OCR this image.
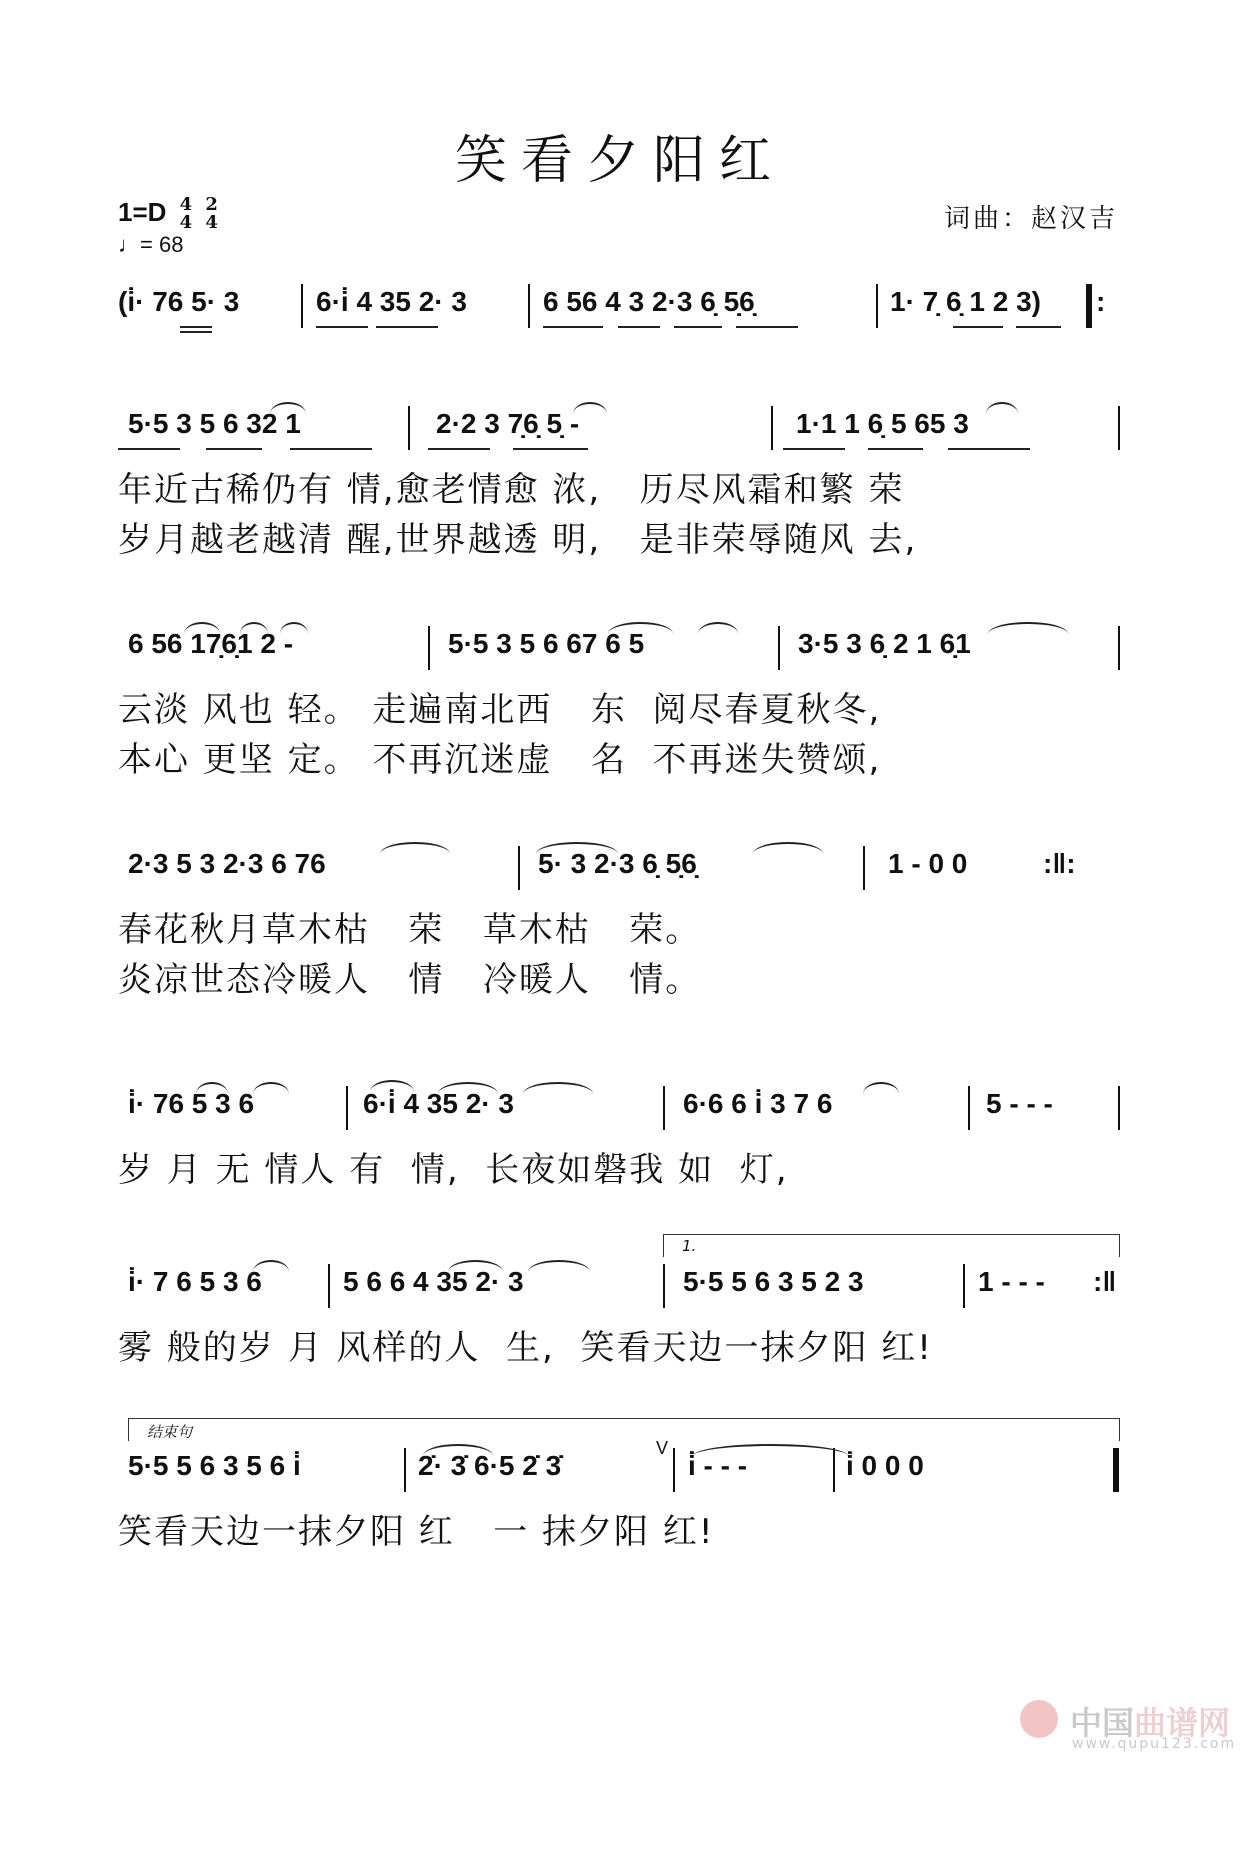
笑看夕阳红
1=D 4
4

2
4
♩= 68
词曲：赵汉吉

(i̇· 76 5· 3

	6·i̇ 4 35 2· 3

	6 56 4 3 2·3 6̣ 5̣6̣

	1· 7̣ 6̣ 1 2 3)

:

5·5 3 5 6 32 1

	2·2 3 7̣6̣ 5̣ -

	1·1 1 6̣ 5 65 3

年近古稀仍有 情,愈老情愈 浓,   历尽风霜和繁 荣
岁月越老越清 醒,世界越透 明,   是非荣辱随风 去,

6 56 17̣6̣1 2 -

	5·5 3 5 6 67 6 5

	3·5 3 6̣ 2 1 6̣1

云淡 风也 轻。 走遍南北西   东  阅尽春夏秋冬,
本心 更坚 定。 不再沉迷虚   名  不再迷失赞颂,

2·3 5 3 2·3 6 76

	5· 3 2·3 6̣ 5̣6̣

	1 - 0 0

	:‖:

春花秋月草木枯   荣   草木枯   荣。
炎凉世态冷暖人   情   冷暖人   情。

i̇· 76 5 3 6

	6·i̇ 4 35 2· 3

	6·6 6 i̇ 3 7 6

	5 - - -

岁 月 无 情人 有  情,  长夜如磐我 如  灯,
1.

i̇· 7 6 5 3 6

	5 6 6 4 35 2· 3

	5·5 5 6 3 5 2 3

	1 - - -

:‖

雾 般的岁 月 风样的人  生,  笑看天边一抹夕阳 红!
结束句

5·5 5 6 3 5 6 i̇

	2̇· 3̇ 6·5 2̇ 3̇

V

i̇ - - -

	i̇ 0 0 0

笑看天边一抹夕阳 红   一 抹夕阳 红!
中国曲谱网
www.qupu123.com
